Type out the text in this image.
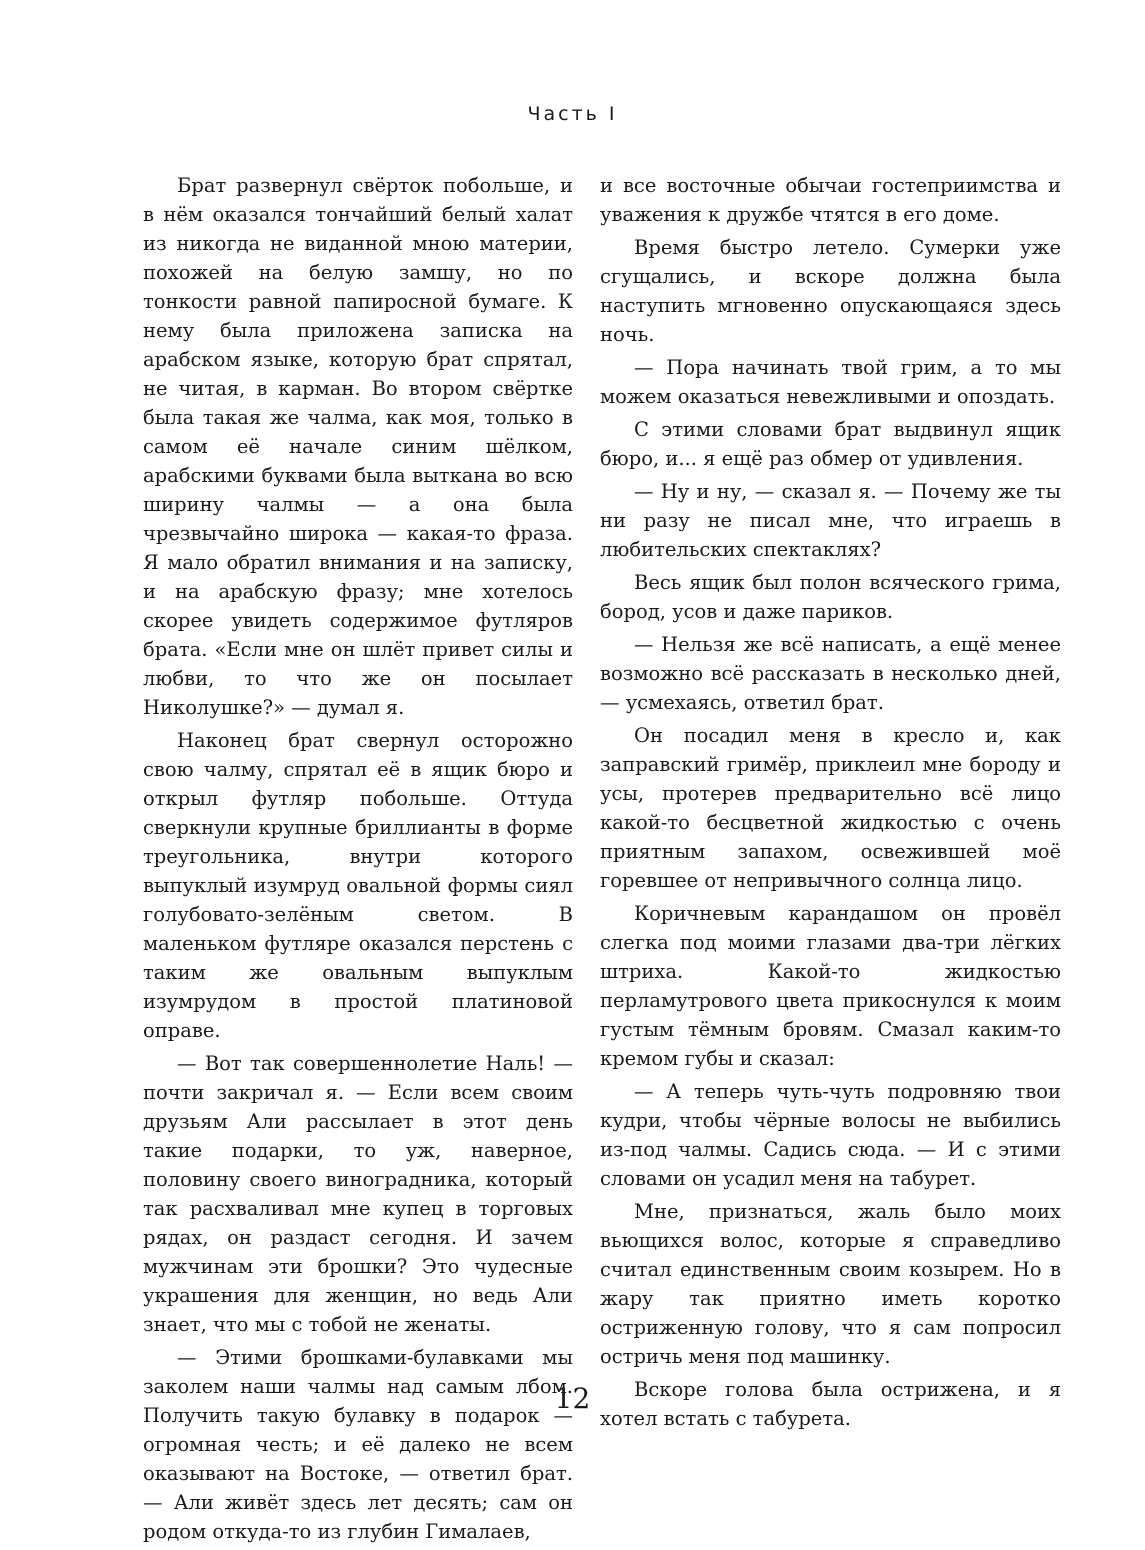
Часть I

Брат развернул свёрток побольше, и в нём оказался тончайший белый халат из никогда не виданной мною материи, похожей на белую замшу, но по тонкости равной папиросной бумаге. К нему была приложена записка на арабском языке, которую брат спрятал, не читая, в карман. Во втором свёртке была такая же чалма, как моя, только в самом её начале синим шёлком, арабскими буквами была выткана во всю ширину чалмы — а она была чрезвычайно широка — какая-то фраза. Я мало обратил внимания и на записку, и на арабскую фразу; мне хотелось скорее увидеть содержимое футляров брата. «Если мне он шлёт привет силы и любви, то что же он посылает Николушке?» — думал я.

Наконец брат свернул осторожно свою чалму, спрятал её в ящик бюро и открыл футляр побольше. Оттуда сверкнули крупные бриллианты в форме треугольника, внутри которого выпуклый изумруд овальной формы сиял голубовато-зелёным светом. В маленьком футляре оказался перстень с таким же овальным выпуклым изумрудом в простой платиновой оправе.

— Вот так совершеннолетие Наль! — почти закричал я. — Если всем своим друзьям Али рассылает в этот день такие подарки, то уж, наверное, половину своего виноградника, который так расхваливал мне купец в торговых рядах, он раздаст сегодня. И зачем мужчинам эти брошки? Это чудесные украшения для женщин, но ведь Али знает, что мы с тобой не женаты.

— Этими брошками-булавками мы заколем наши чалмы над самым лбом. Получить такую булавку в подарок — огромная честь; и её далеко не всем оказывают на Востоке, — ответил брат. — Али живёт здесь лет десять; сам он родом откуда-то из глубин Гималаев,

и все восточные обычаи гостеприимства и уважения к дружбе чтятся в его доме.

Время быстро летело. Сумерки уже сгущались, и вскоре должна была наступить мгновенно опускающаяся здесь ночь.

— Пора начинать твой грим, а то мы можем оказаться невежливыми и опоздать.

С этими словами брат выдвинул ящик бюро, и... я ещё раз обмер от удивления.

— Ну и ну, — сказал я. — Почему же ты ни разу не писал мне, что играешь в любительских спектаклях?

Весь ящик был полон всяческого грима, бород, усов и даже париков.

— Нельзя же всё написать, а ещё менее возможно всё рассказать в несколько дней, — усмехаясь, ответил брат.

Он посадил меня в кресло и, как заправский гримёр, приклеил мне бороду и усы, протерев предварительно всё лицо какой-то бесцветной жидкостью с очень приятным запахом, освежившей моё горевшее от непривычного солнца лицо.

Коричневым карандашом он провёл слегка под моими глазами два-три лёгких штриха. Какой-то жидкостью перламутрового цвета прикоснулся к моим густым тёмным бровям. Смазал каким-то кремом губы и сказал:

— А теперь чуть-чуть подровняю твои кудри, чтобы чёрные волосы не выбились из-под чалмы. Садись сюда. — И с этими словами он усадил меня на табурет.

Мне, признаться, жаль было моих вьющихся волос, которые я справедливо считал единственным своим козырем. Но в жару так приятно иметь коротко остриженную голову, что я сам попросил остричь меня под машинку.

Вскоре голова была острижена, и я хотел встать с табурета.

12
